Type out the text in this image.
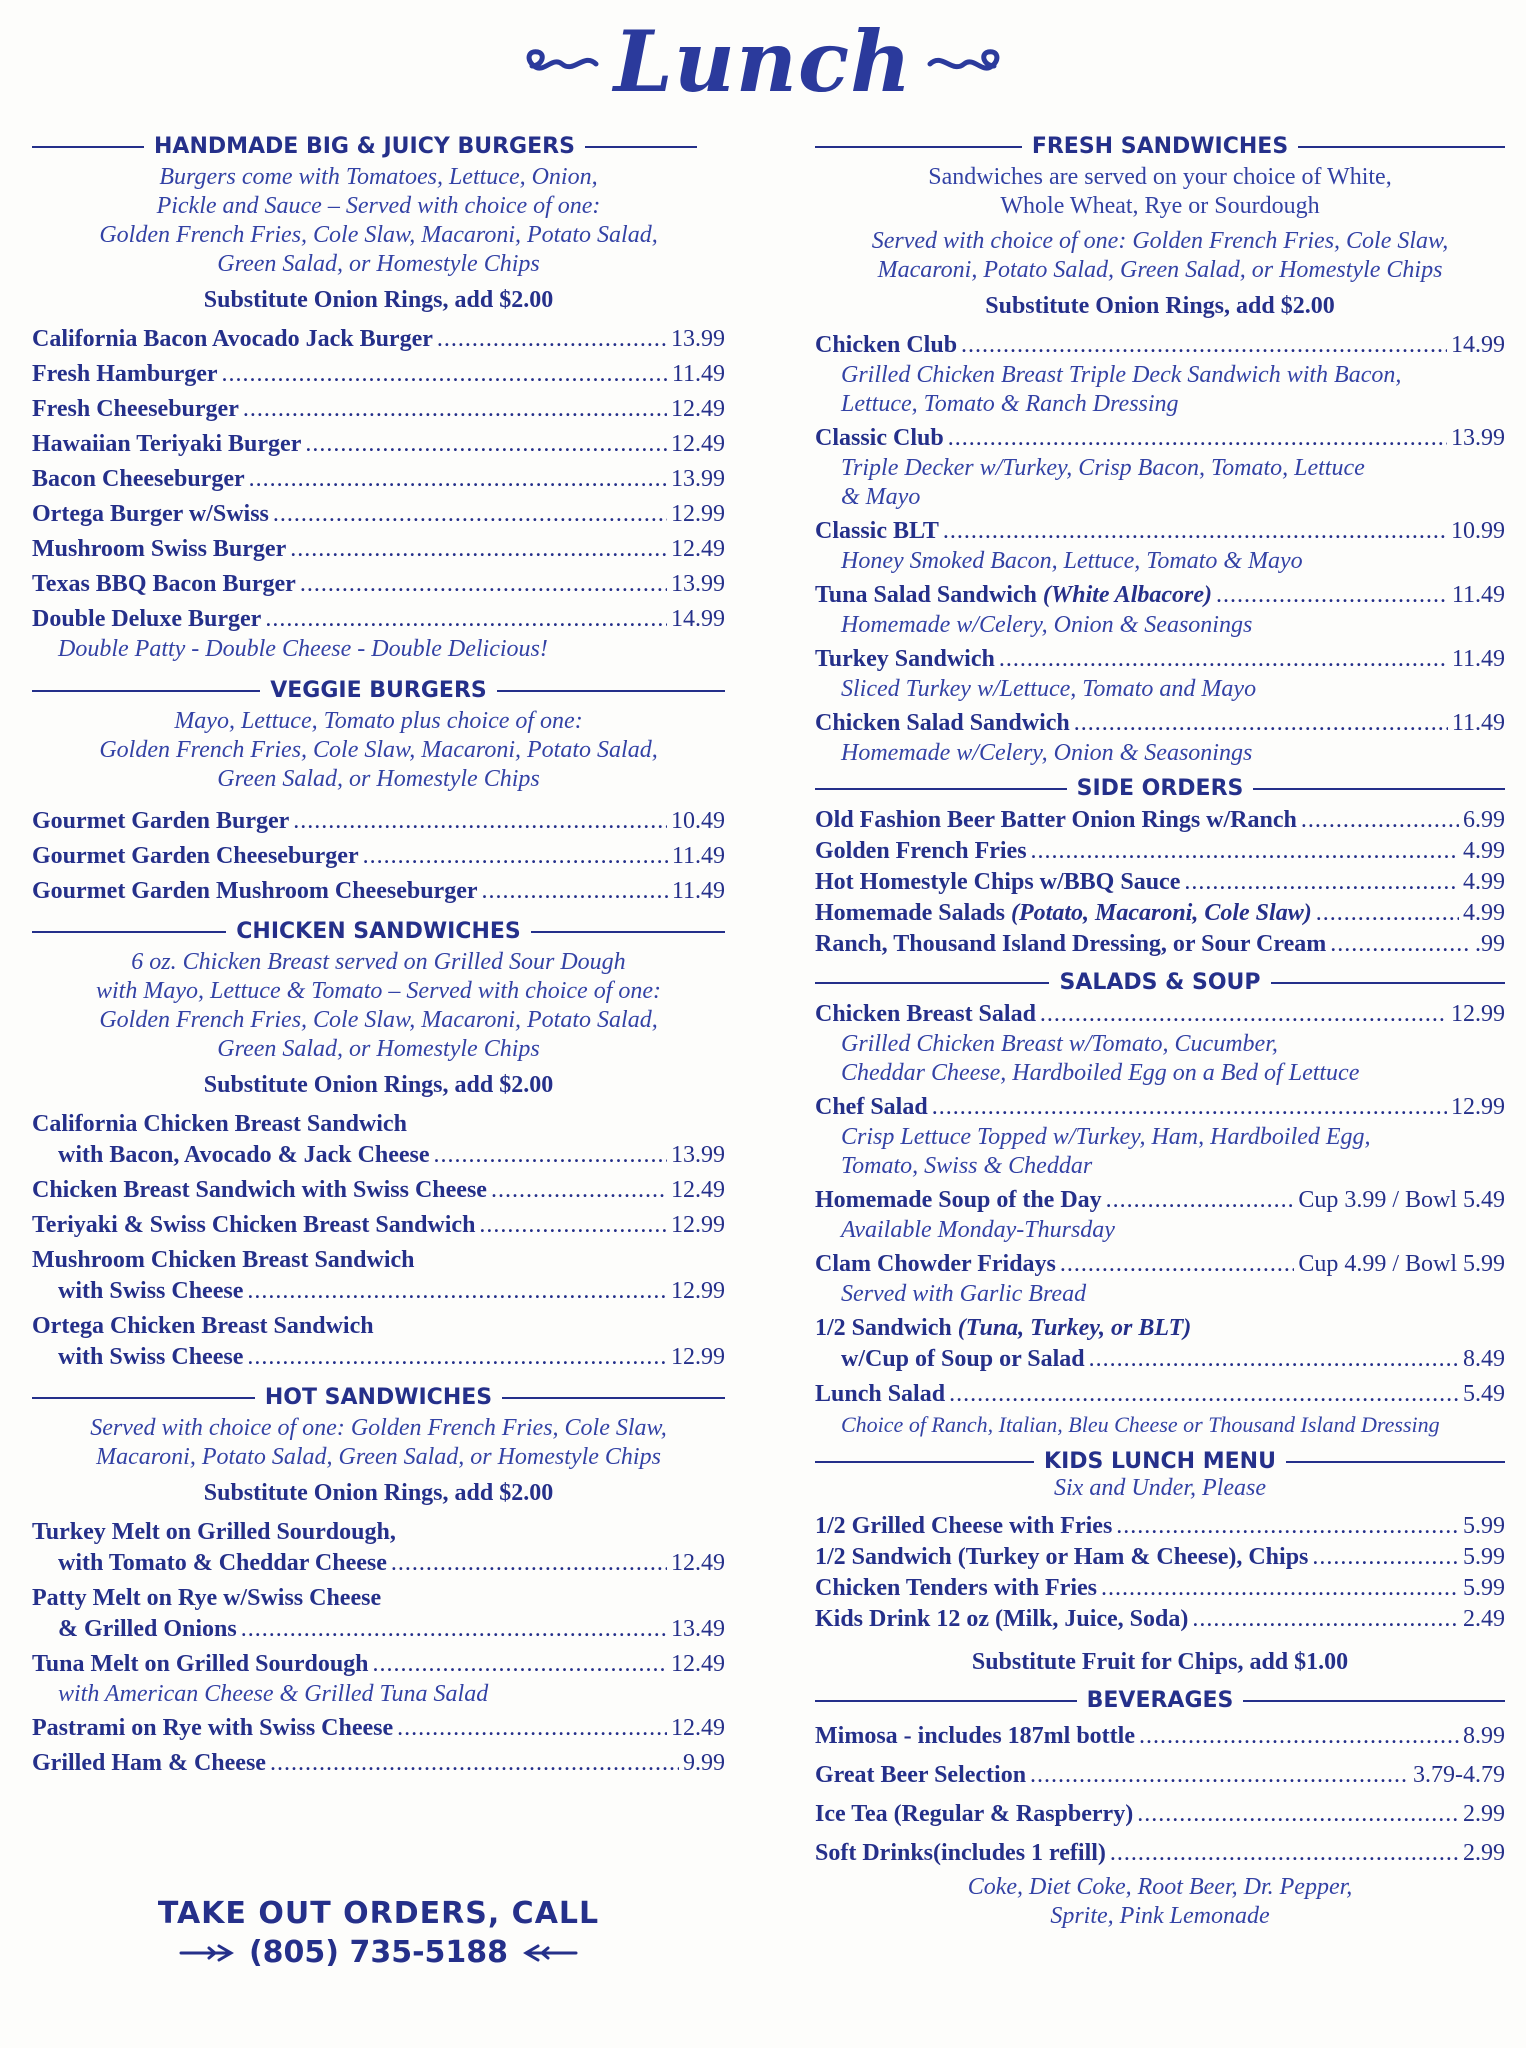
Lunch
HANDMADE BIG & JUICY BURGERS

Burgers come with Tomatoes, Lettuce, Onion,
Pickle and Sauce – Served with choice of one:
Golden French Fries, Cole Slaw, Macaroni, Potato Salad,
Green Salad, or Homestyle Chips

Substitute Onion Rings, add $2.00
California Bacon Avocado Jack Burger .....	13.99
Fresh Hamburger .....	11.49
Fresh Cheeseburger .....	12.49
Hawaiian Teriyaki Burger .....	12.49
Bacon Cheeseburger .....	13.99
Ortega Burger w/Swiss .....	12.99
Mushroom Swiss Burger .....	12.49
Texas BBQ Bacon Burger .....	13.99
Double Deluxe Burger .....	14.99
Double Patty - Double Cheese - Double Delicious!
VEGGIE BURGERS

Mayo, Lettuce, Tomato plus choice of one:
Golden French Fries, Cole Slaw, Macaroni, Potato Salad,
Green Salad, or Homestyle Chips

Gourmet Garden Burger .....	10.49
Gourmet Garden Cheeseburger .....	11.49
Gourmet Garden Mushroom Cheeseburger .....	11.49
CHICKEN SANDWICHES

6 oz. Chicken Breast served on Grilled Sour Dough
with Mayo, Lettuce & Tomato – Served with choice of one:
Golden French Fries, Cole Slaw, Macaroni, Potato Salad,
Green Salad, or Homestyle Chips

Substitute Onion Rings, add $2.00
California Chicken Breast Sandwich
with Bacon, Avocado & Jack Cheese .....	13.99
Chicken Breast Sandwich with Swiss Cheese .....	12.49
Teriyaki & Swiss Chicken Breast Sandwich .....	12.99
Mushroom Chicken Breast Sandwich
with Swiss Cheese .....	12.99
Ortega Chicken Breast Sandwich
with Swiss Cheese .....	12.99
HOT SANDWICHES

Served with choice of one: Golden French Fries, Cole Slaw,
Macaroni, Potato Salad, Green Salad, or Homestyle Chips

Substitute Onion Rings, add $2.00
Turkey Melt on Grilled Sourdough,
with Tomato & Cheddar Cheese .....	12.49
Patty Melt on Rye w/Swiss Cheese
& Grilled Onions .....	13.49
Tuna Melt on Grilled Sourdough .....	12.49
with American Cheese & Grilled Tuna Salad
Pastrami on Rye with Swiss Cheese .....	12.49
Grilled Ham & Cheese .....	9.99
TAKE OUT ORDERS, CALL
(805) 735-5188
FRESH SANDWICHES

Sandwiches are served on your choice of White,
Whole Wheat, Rye or Sourdough

Served with choice of one: Golden French Fries, Cole Slaw,
Macaroni, Potato Salad, Green Salad, or Homestyle Chips

Substitute Onion Rings, add $2.00
Chicken Club .....	14.99
Grilled Chicken Breast Triple Deck Sandwich with Bacon,
Lettuce, Tomato & Ranch Dressing
Classic Club .....	13.99
Triple Decker w/Turkey, Crisp Bacon, Tomato, Lettuce
& Mayo
Classic BLT .....	10.99
Honey Smoked Bacon, Lettuce, Tomato & Mayo
Tuna Salad Sandwich (White Albacore) .....	11.49
Homemade w/Celery, Onion & Seasonings
Turkey Sandwich .....	11.49
Sliced Turkey w/Lettuce, Tomato and Mayo
Chicken Salad Sandwich .....	11.49
Homemade w/Celery, Onion & Seasonings
SIDE ORDERS
Old Fashion Beer Batter Onion Rings w/Ranch .....	6.99
Golden French Fries .....	4.99
Hot Homestyle Chips w/BBQ Sauce .....	4.99
Homemade Salads (Potato, Macaroni, Cole Slaw) .....	4.99
Ranch, Thousand Island Dressing, or Sour Cream .....	.99
SALADS & SOUP
Chicken Breast Salad .....	12.99
Grilled Chicken Breast w/Tomato, Cucumber,
Cheddar Cheese, Hardboiled Egg on a Bed of Lettuce
Chef Salad .....	12.99
Crisp Lettuce Topped w/Turkey, Ham, Hardboiled Egg,
Tomato, Swiss & Cheddar
Homemade Soup of the Day .....	Cup 3.99 / Bowl 5.49
Available Monday-Thursday
Clam Chowder Fridays .....	Cup 4.99 / Bowl 5.99
Served with Garlic Bread
1/2 Sandwich (Tuna, Turkey, or BLT)
w/Cup of Soup or Salad .....	8.49
Lunch Salad .....	5.49
Choice of Ranch, Italian, Bleu Cheese or Thousand Island Dressing
KIDS LUNCH MENU

Six and Under, Please

1/2 Grilled Cheese with Fries .....	5.99
1/2 Sandwich (Turkey or Ham & Cheese), Chips .....	5.99
Chicken Tenders with Fries .....	5.99
Kids Drink 12 oz (Milk, Juice, Soda) .....	2.49
Substitute Fruit for Chips, add $1.00
BEVERAGES
Mimosa - includes 187ml bottle .....	8.99
Great Beer Selection .....	3.79-4.79
Ice Tea (Regular & Raspberry) .....	2.99
Soft Drinks(includes 1 refill) .....	2.99

Coke, Diet Coke, Root Beer, Dr. Pepper,
Sprite, Pink Lemonade
